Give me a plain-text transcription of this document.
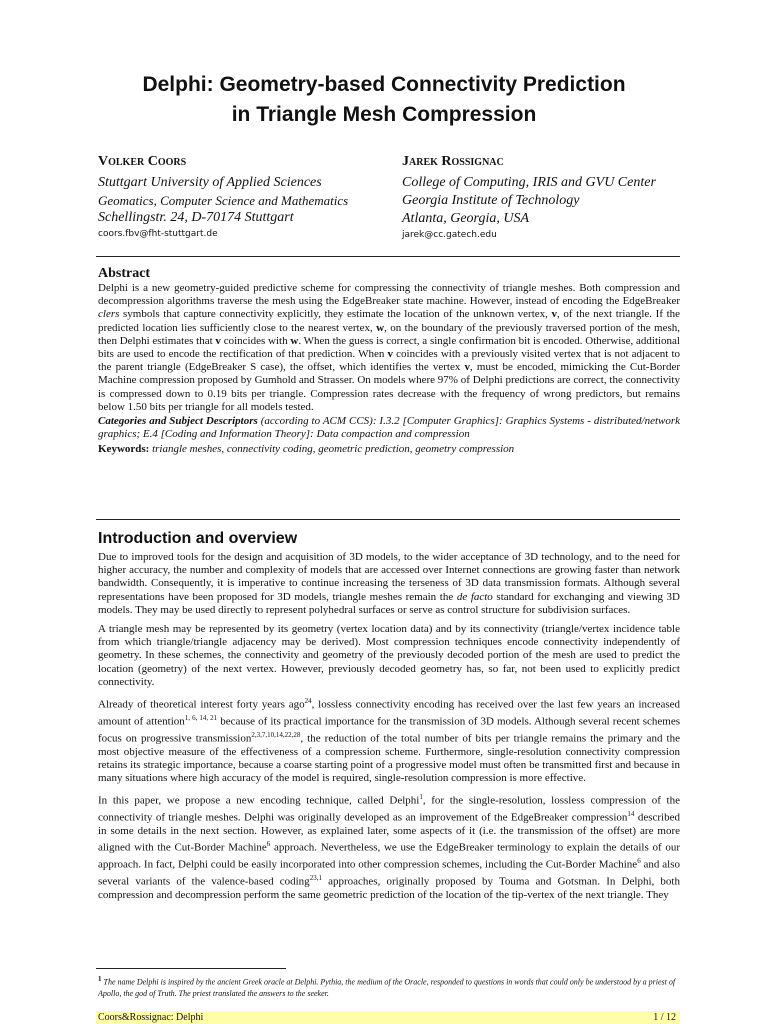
Delphi: Geometry-based Connectivity Prediction
in Triangle Mesh Compression
Volker Coors
Stuttgart University of Applied Sciences
Geomatics, Computer Science and Mathematics
Schellingstr. 24, D-70174 Stuttgart
coors.fbv@fht-stuttgart.de
Jarek Rossignac
College of Computing, IRIS and GVU Center
Georgia Institute of Technology
Atlanta, Georgia, USA
jarek@cc.gatech.edu
Abstract
Delphi is a new geometry-guided predictive scheme for compressing the connectivity of triangle meshes. Both compression and decompression algorithms traverse the mesh using the EdgeBreaker state machine. However, instead of encoding the EdgeBreaker clers symbols that capture connectivity explicitly, they estimate the location of the unknown vertex, v, of the next triangle. If the predicted location lies sufficiently close to the nearest vertex, w, on the boundary of the previously traversed portion of the mesh, then Delphi estimates that v coincides with w. When the guess is correct, a single confirmation bit is encoded. Otherwise, additional bits are used to encode the rectification of that prediction. When v coincides with a previously visited vertex that is not adjacent to the parent triangle (EdgeBreaker S case), the offset, which identifies the vertex v, must be encoded, mimicking the Cut-Border Machine compression proposed by Gumhold and Strasser. On models where 97% of Delphi predictions are correct, the connectivity is compressed down to 0.19 bits per triangle. Compression rates decrease with the frequency of wrong predictors, but remains below 1.50 bits per triangle for all models tested.
Categories and Subject Descriptors (according to ACM CCS): I.3.2 [Computer Graphics]: Graphics Systems - distributed/network graphics; E.4 [Coding and Information Theory]: Data compaction and compression
Keywords: triangle meshes, connectivity coding, geometric prediction, geometry compression
Introduction and overview
Due to improved tools for the design and acquisition of 3D models, to the wider acceptance of 3D technology, and to the need for higher accuracy, the number and complexity of models that are accessed over Internet connections are growing faster than network bandwidth. Consequently, it is imperative to continue increasing the terseness of 3D data transmission formats. Although several representations have been proposed for 3D models, triangle meshes remain the de facto standard for exchanging and viewing 3D models. They may be used directly to represent polyhedral surfaces or serve as control structure for subdivision surfaces.
A triangle mesh may be represented by its geometry (vertex location data) and by its connectivity (triangle/vertex incidence table from which triangle/triangle adjacency may be derived). Most compression techniques encode connectivity independently of geometry. In these schemes, the connectivity and geometry of the previously decoded portion of the mesh are used to predict the location (geometry) of the next vertex. However, previously decoded geometry has, so far, not been used to explicitly predict connectivity.
Already of theoretical interest forty years ago$^{24}$, lossless connectivity encoding has received over the last few years an increased amount of attention$^{1, 6, 14, 21}$ because of its practical importance for the transmission of 3D models. Although several recent schemes focus on progressive transmission$^{2,3,7,10,14,22,28}$, the reduction of the total number of bits per triangle remains the primary and the most objective measure of the effectiveness of a compression scheme. Furthermore, single-resolution connectivity compression retains its strategic importance, because a coarse starting point of a progressive model must often be transmitted first and because in many situations where high accuracy of the model is required, single-resolution compression is more effective.
In this paper, we propose a new encoding technique, called Delphi$^1$, for the single-resolution, lossless compression of the connectivity of triangle meshes. Delphi was originally developed as an improvement of the EdgeBreaker compression$^{14}$ described in some details in the next section. However, as explained later, some aspects of it (i.e. the transmission of the offset) are more aligned with the Cut-Border Machine$^6$ approach. Nevertheless, we use the EdgeBreaker terminology to explain the details of our approach. In fact, Delphi could be easily incorporated into other compression schemes, including the Cut-Border Machine$^6$ and also several variants of the valence-based coding$^{23,1}$ approaches, originally proposed by Touma and Gotsman. In Delphi, both compression and decompression perform the same geometric prediction of the location of the tip-vertex of the next triangle. They
$^1$ The name Delphi is inspired by the ancient Greek oracle at Delphi. Pythia, the medium of the Oracle, responded to questions in words that could only be understood by a priest of Apollo, the god of Truth. The priest translated the answers to the seeker.
Coors&Rossignac: Delphi	1 / 12
